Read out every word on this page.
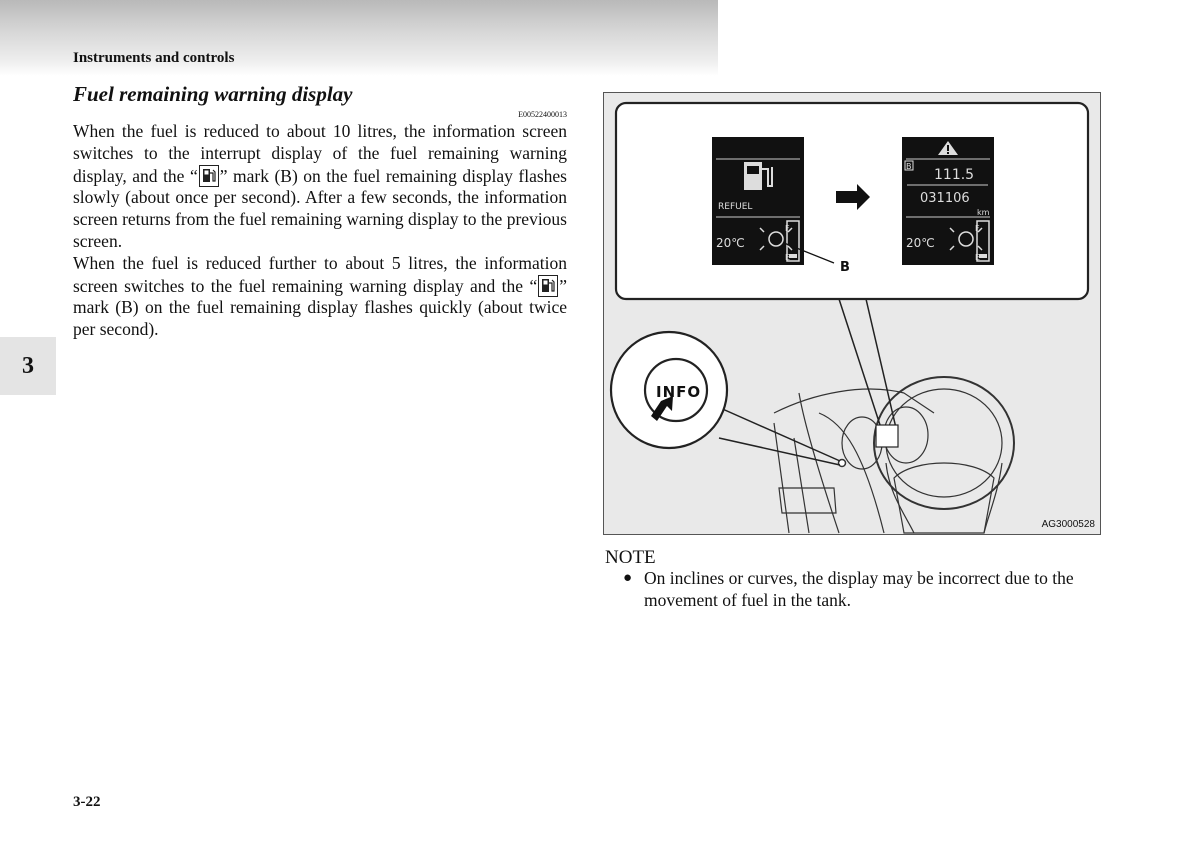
Instruments and controls
3
Fuel remaining warning display
E00522400013

When the fuel is reduced to about 10 litres, the information screen switches to the interrupt display of the fuel remaining warning display, and the “ ” mark (B) on the fuel remaining display flashes slowly (about once per second). After a few seconds, the information screen returns from the fuel remaining warning display to the previous screen.

When the fuel is reduced further to about 5 litres, the information screen switches to the fuel remaining warning display and the “ ” mark (B) on the fuel remaining display flashes quickly (about twice per second).

REFUEL
20℃
F
E
B
111.5
031106
km
20℃
F
E
B
INFO
AG3000528
NOTE
● On inclines or curves, the display may be incorrect due to the movement of fuel in the tank.
3-22
